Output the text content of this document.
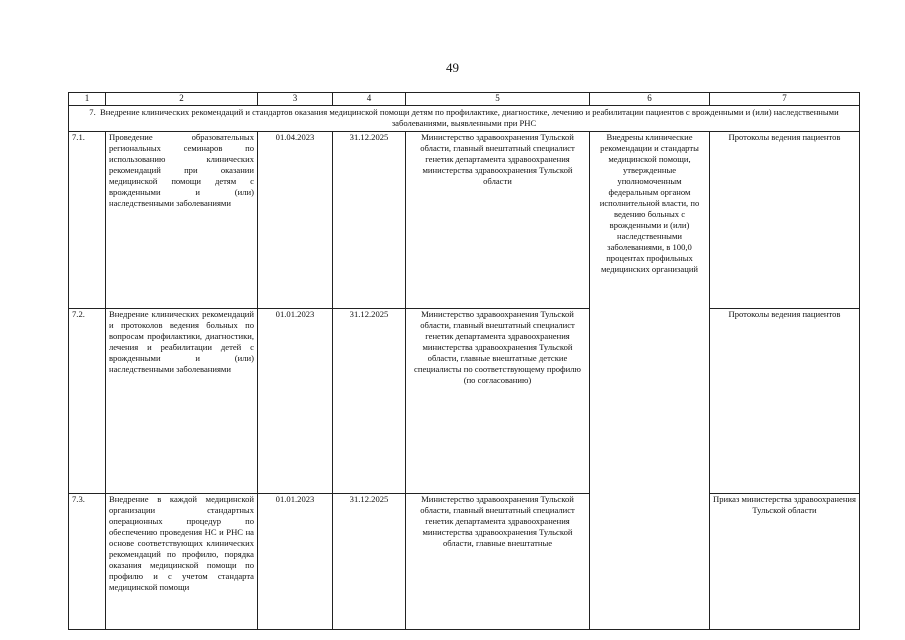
49
1	2	3	4	5	6	7	
7.  Внедрение клинических рекомендаций и стандартов оказания медицинской помощи детям по профилактике, диагностике, лечению и реабилитации пациентов с врожденными и (или) наследственными заболеваниями, выявленными при РНС							
7.1.	Проведение образовательных региональных семинаров по использованию клинических рекомендаций при оказании медицинской помощи детям с врожденными и (или) наследственными заболеваниями	01.04.2023	31.12.2025	Министерство здравоохранения Тульской области, главный внештатный специалист генетик департамента здравоохранения министерства здравоохранения Тульской области	Внедрены клинические рекомендации и стандарты медицинской помощи, утвержденные уполномоченным федеральным органом исполнительной власти, по ведению больных с врожденными и (или) наследственными заболеваниями, в 100,0 процентах профильных медицинских организаций	Протоколы ведения пациентов	
7.2.	Внедрение клинических рекомендаций и протоколов ведения больных по вопросам профилактики, диагностики, лечения и реабилитации детей с врожденными и (или) наследственными заболеваниями	01.01.2023	31.12.2025	Министерство здравоохранения Тульской области, главный внештатный специалист генетик департамента здравоохранения министерства здравоохранения Тульской области, главные внештатные детские специалисты по соответствующему профилю (по согласованию)		Протоколы ведения пациентов	
7.3.	Внедрение в каждой медицинской организации стандартных операционных процедур по обеспечению проведения НС и РНС на основе соответствующих клинических рекомендаций по профилю, порядка оказания медицинской помощи по профилю и с учетом стандарта медицинской помощи	01.01.2023	31.12.2025	Министерство здравоохранения Тульской области, главный внештатный специалист генетик департамента здравоохранения министерства здравоохранения Тульской области, главные внештатные		Приказ министерства здравоохранения Тульской области	
